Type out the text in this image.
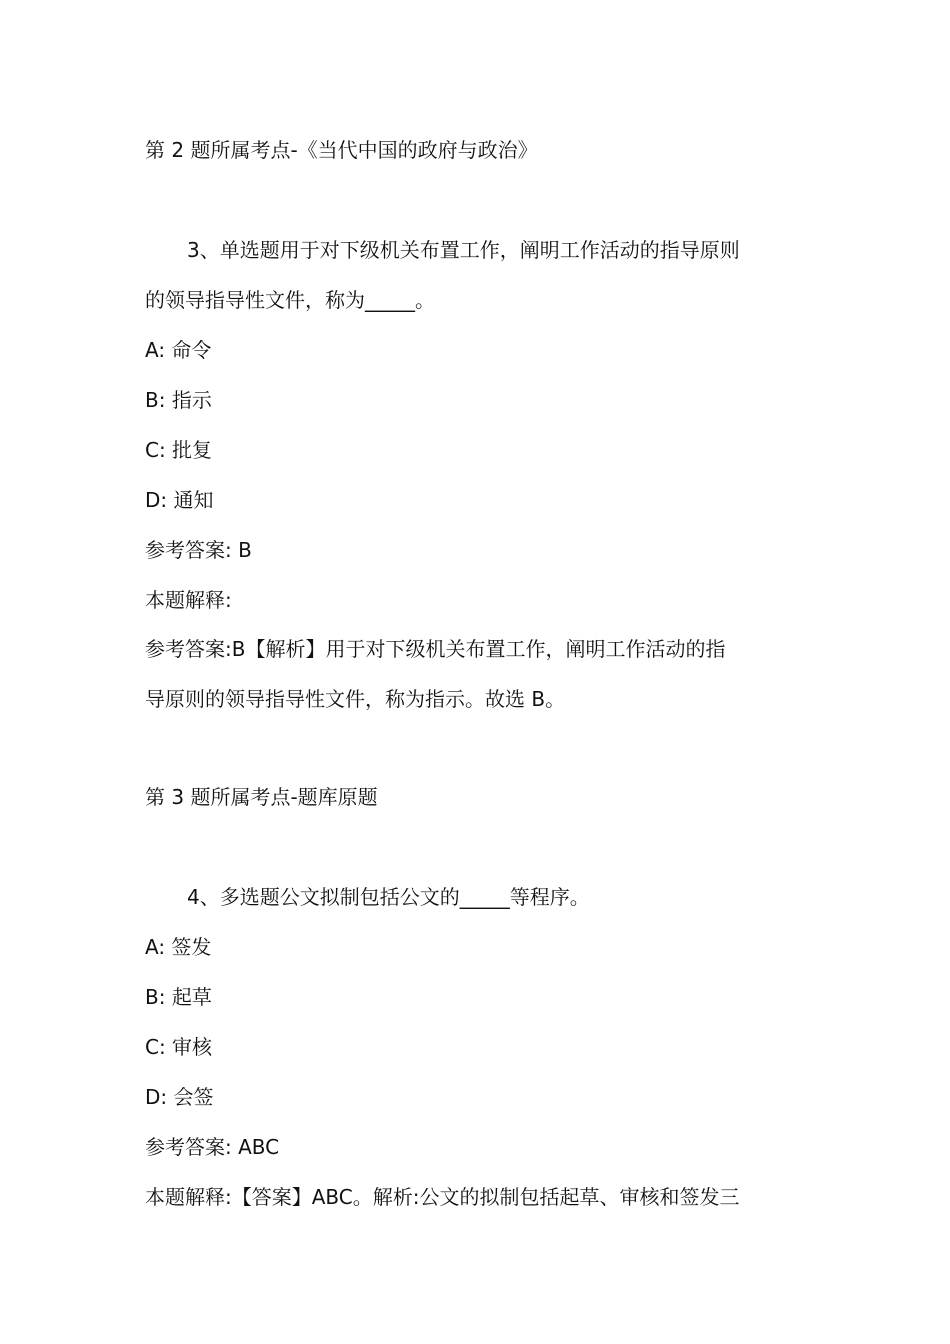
第 2 题所属考点-《当代中国的政府与政治》
3、单选题用于对下级机关布置工作，阐明工作活动的指导原则
的领导指导性文件，称为_____。
A: 命令
B: 指示
C: 批复
D: 通知
参考答案: B
本题解释:
参考答案:B【解析】用于对下级机关布置工作，阐明工作活动的指
导原则的领导指导性文件，称为指示。故选 B。
第 3 题所属考点-题库原题
4、多选题公文拟制包括公文的_____等程序。
A: 签发
B: 起草
C: 审核
D: 会签
参考答案: ABC
本题解释:【答案】ABC。解析:公文的拟制包括起草、审核和签发三
